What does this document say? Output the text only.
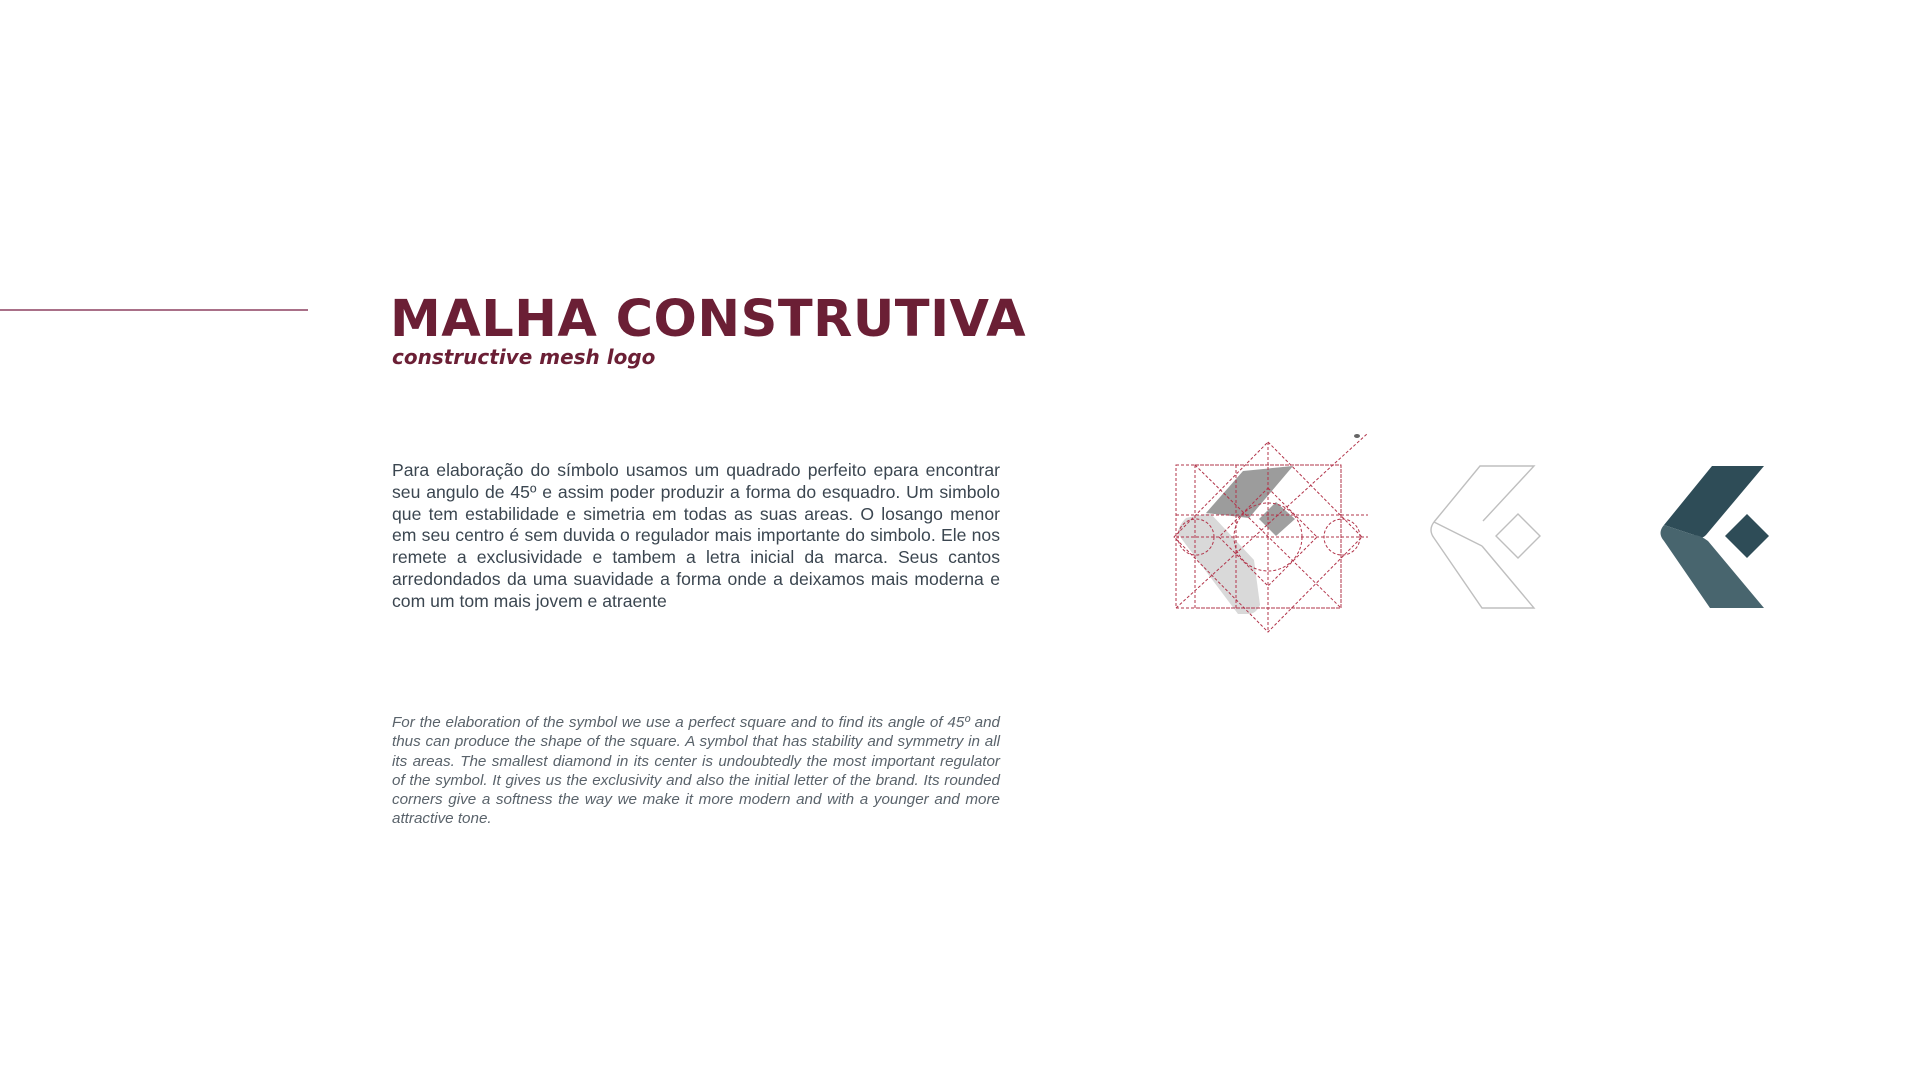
MALHA CONSTRUTIVA

constructive mesh logo

Para elaboração do símbolo usamos um quadrado perfeito epara encontrar seu angulo de 45º e assim poder produzir a forma do esquadro. Um simbolo que tem estabilidade e simetria em todas as suas areas. O losango menor em seu centro é sem duvida o regulador mais importante do simbolo. Ele nos remete a exclusividade e tambem a letra inicial da marca. Seus cantos arredondados da uma suavidade a forma onde a deixamos mais moderna e com um tom mais jovem e atraente

For the elaboration of the symbol we use a perfect square and to find its angle of 45º and thus can produce the shape of the square. A symbol that has stability and symmetry in all its areas. The smallest diamond in its center is undoubtedly the most important regulator of the symbol. It gives us the exclusivity and also the initial letter of the brand. Its rounded corners give a softness the way we make it more modern and with a younger and more attractive tone.
